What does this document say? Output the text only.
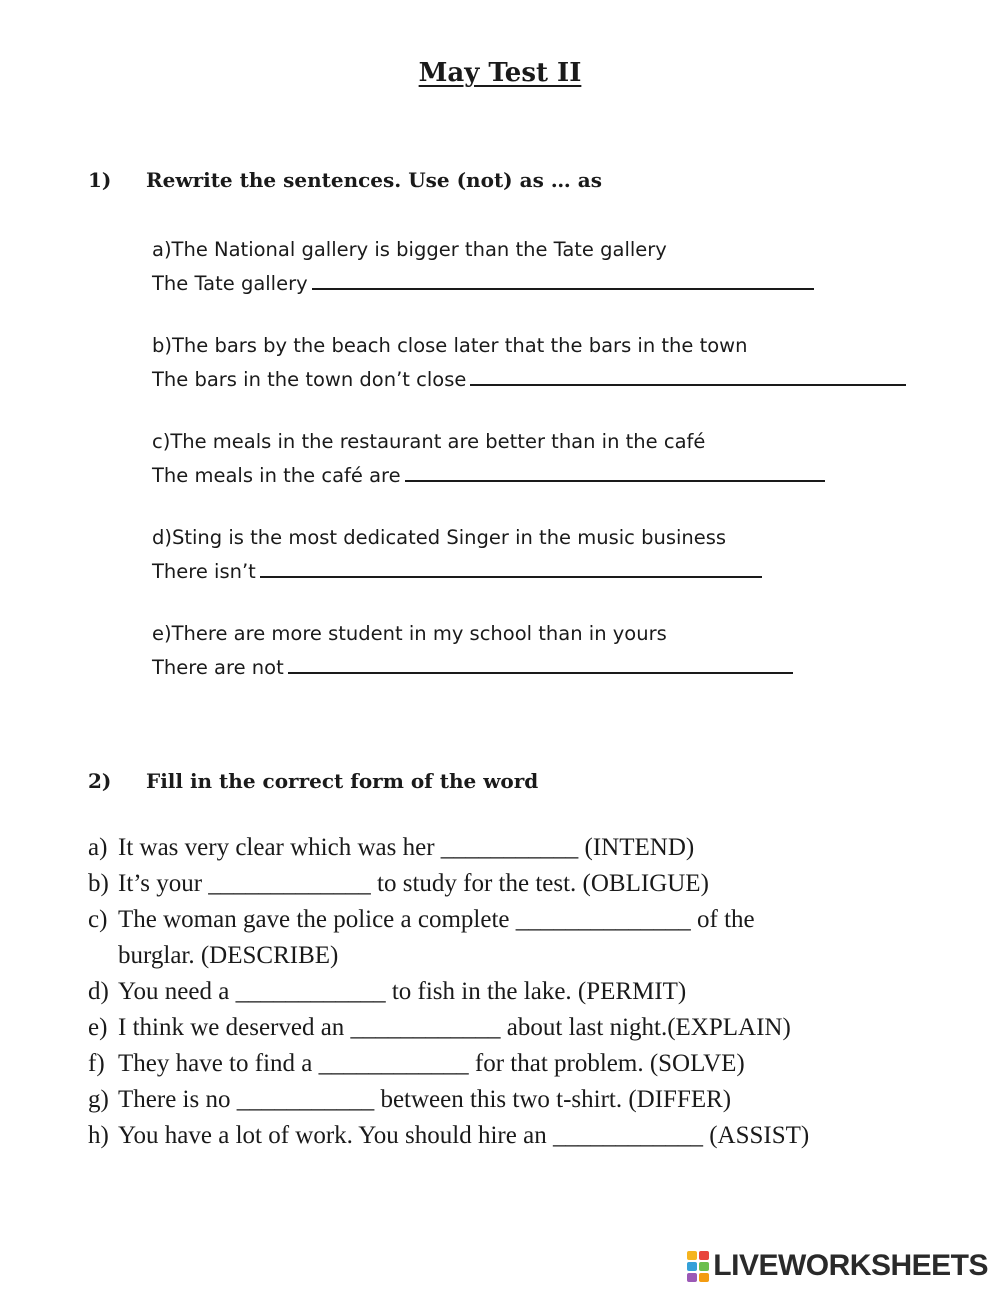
May Test II
1) Rewrite the sentences. Use (not) as … as
a)The National gallery is bigger than the Tate gallery
The Tate gallery
b)The bars by the beach close later that the bars in the town
The bars in the town don’t close
c)The meals in the restaurant are better than in the café
The meals in the café are
d)Sting is the most dedicated Singer in the music business
There isn’t
e)There are more student in my school than in yours
There are not
2) Fill in the correct form of the word
a) It was very clear which was her ___________ (INTEND)
b) It’s your _____________ to study for the test. (OBLIGUE)
c) The woman gave the police a complete ______________ of the
burglar. (DESCRIBE)
d) You need a ____________ to fish in the lake. (PERMIT)
e) I think we deserved an ____________ about last night.(EXPLAIN)
f) They have to find a ____________ for that problem. (SOLVE)
g) There is no ___________ between this two t-shirt. (DIFFER)
h) You have a lot of work. You should hire an ____________ (ASSIST)
LIVEWORKSHEETS
